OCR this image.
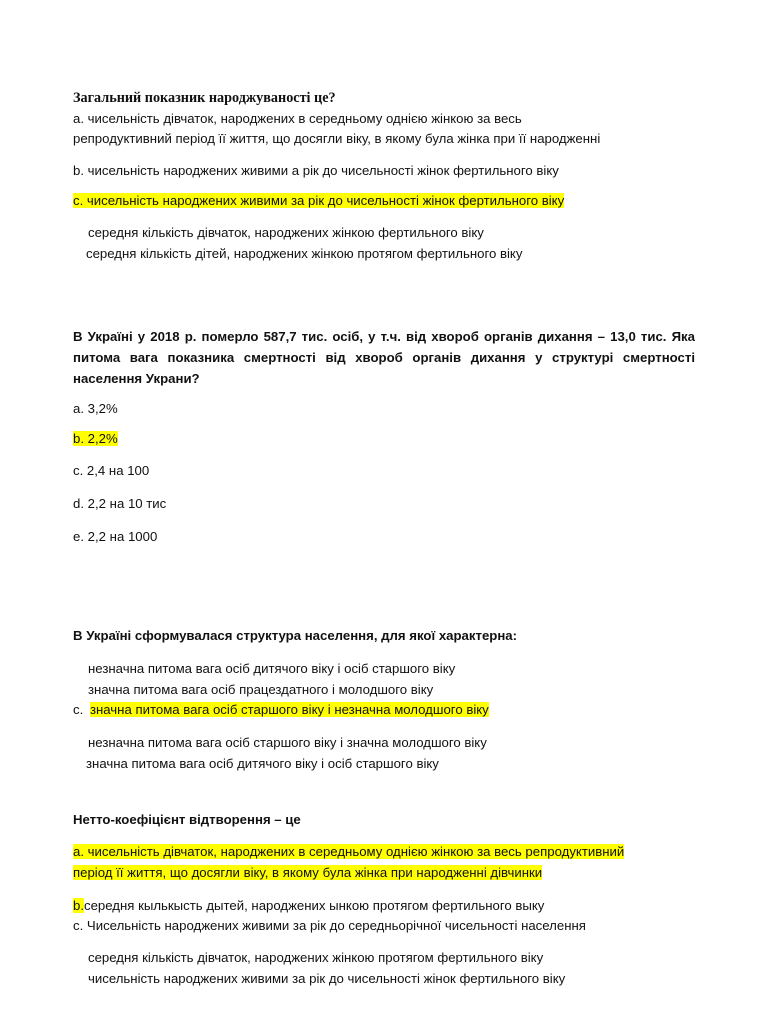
Загальний показник народжуваності це?
а. чисельність дівчаток, народжених в середньому однією жінкою за весь
репродуктивний період її життя, що досягли віку, в якому була жінка при її народженні
b. чисельність народжених живими а рік до чисельності жінок фертильного віку
c. чисельність народжених живими за рік до чисельності жінок фертильного віку
середня кількість дівчаток, народжених жінкою фертильного віку
середня кількість дітей, народжених жінкою протягом фертильного віку
В Україні у 2018 р. померло 587,7 тис. осіб, у т.ч. від хвороб органів дихання – 13,0 тис. Яка
питома вага показника смертності від хвороб органів дихання у структурі смертності
населення Украни?
a. 3,2%
b. 2,2%
c. 2,4 на 100
d. 2,2 на 10 тис
e. 2,2 на 1000
В Україні сформувалася структура населення, для якої характерна:
незначна питома вага осіб дитячого віку і осіб старшого віку
значна питома вага осіб працездатного і молодшого віку
c. значна питома вага осіб старшого віку і незначна молодшого віку
незначна питома вага осіб старшого віку і значна молодшого віку
значна питома вага осіб дитячого віку і осіб старшого віку
Нетто-коефіцієнт відтворення – це
a. чисельність дівчаток, народжених в середньому однією жінкою за весь репродуктивний
період її життя, що досягли віку, в якому була жінка при народженні дівчинки
b.середня кылькысть дытей, народжених ынкою протягом фертильного выку
c. Чисельність народжених живими за рік до середньорічної чисельності населення
середня кількість дівчаток, народжених жінкою протягом фертильного віку
чисельність народжених живими за рік до чисельності жінок фертильного віку
